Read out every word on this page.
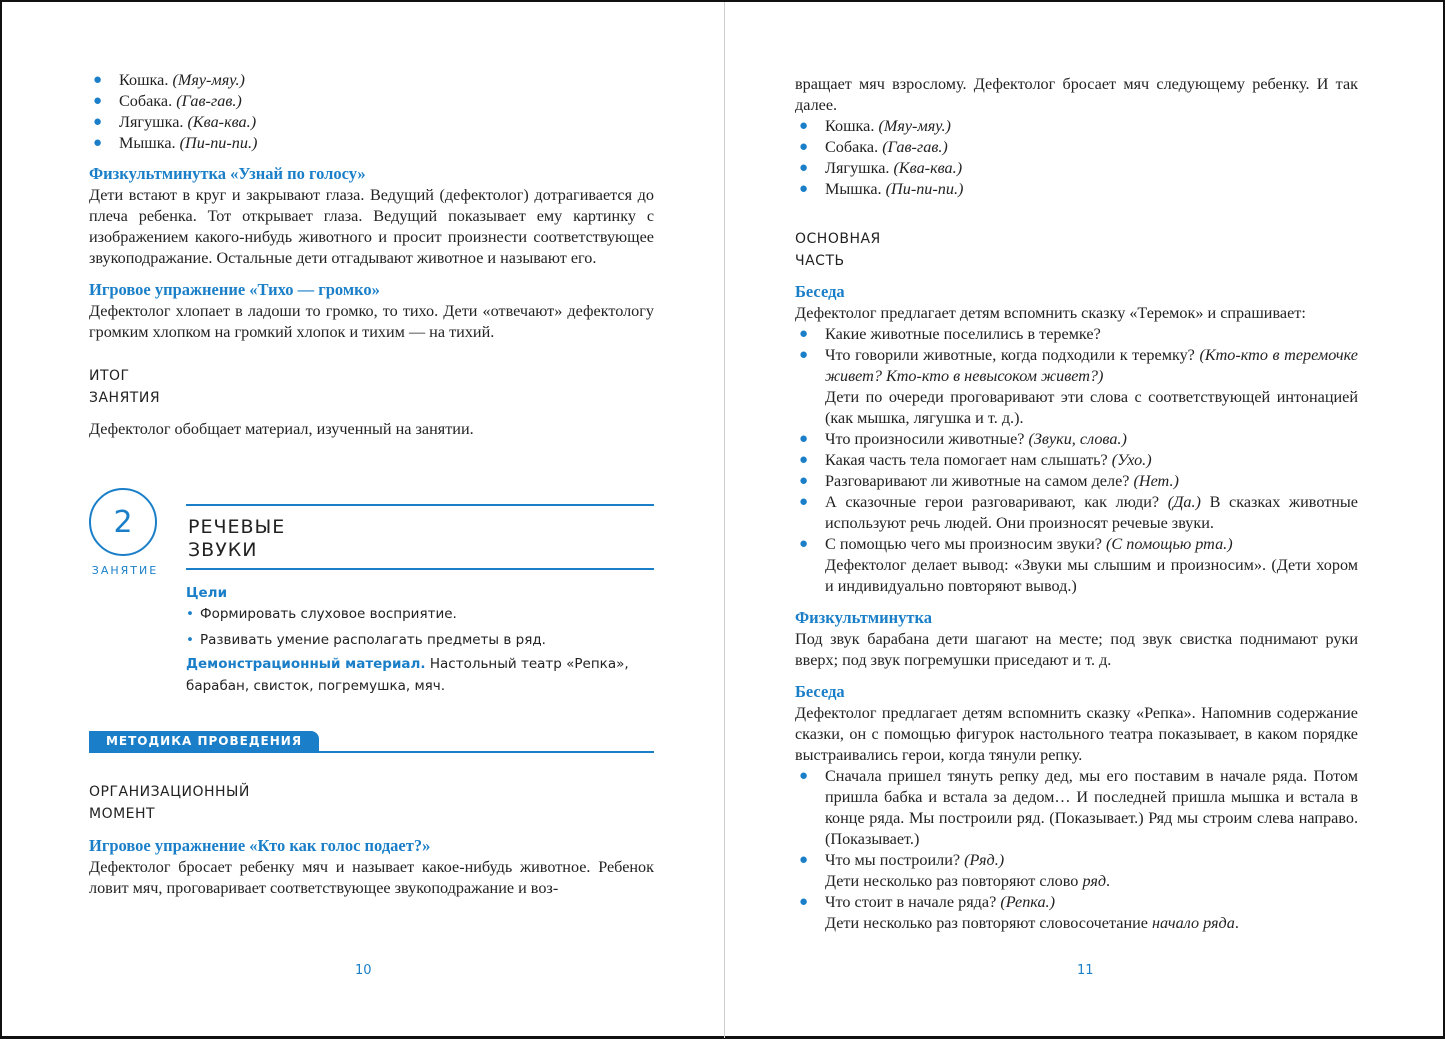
● Кошка. (Мяу-мяу.)
● Собака. (Гав-гав.)
● Лягушка. (Ква-ква.)
● Мышка. (Пи-пи-пи.)
Физкультминутка «Узнай по голосу»

Дети встают в круг и закрывают глаза. Ведущий (дефектолог) дотрагивается до плеча ребенка. Тот открывает глаза. Ведущий показывает ему картинку с изображением какого-нибудь животного и просит произнести соответствующее звукоподражание. Остальные дети отгадывают животное и называют его.

Игровое упражнение «Тихо — громко»

Дефектолог хлопает в ладоши то громко, то тихо. Дети «отвечают» дефектологу громким хлопком на громкий хлопок и тихим — на тихий.

ИТОГ
ЗАНЯТИЯ

Дефектолог обобщает материал, изученный на занятии.

2
ЗАНЯТИЕ
РЕЧЕВЫЕ
ЗВУКИ
Цели
• Формировать слуховое восприятие.
• Развивать умение располагать предметы в ряд.
Демонстрационный материал. Настольный театр «Репка», барабан, свисток, погремушка, мяч.
МЕТОДИКА ПРОВЕДЕНИЯ
ОРГАНИЗАЦИОННЫЙ
МОМЕНТ
Игровое упражнение «Кто как голос подает?»

Дефектолог бросает ребенку мяч и называет какое-нибудь животное. Ребенок ловит мяч, проговаривает соответствующее звукоподражание и воз-

10

вращает мяч взрослому. Дефектолог бросает мяч следующему ребенку. И так далее.

● Кошка. (Мяу-мяу.)
● Собака. (Гав-гав.)
● Лягушка. (Ква-ква.)
● Мышка. (Пи-пи-пи.)
ОСНОВНАЯ
ЧАСТЬ
Беседа

Дефектолог предлагает детям вспомнить сказку «Теремок» и спрашивает:

● Какие животные поселились в теремке?
● Что говорили животные, когда подходили к теремку? (Кто-кто в теремочке живет? Кто-кто в невысоком живет?)

Дети по очереди проговаривают эти слова с соответствующей интонацией (как мышка, лягушка и т. д.).

● Что произносили животные? (Звуки, слова.)
● Какая часть тела помогает нам слышать? (Ухо.)
● Разговаривают ли животные на самом деле? (Нет.)
● А сказочные герои разговаривают, как люди? (Да.) В сказках животные используют речь людей. Они произносят речевые звуки.
● С помощью чего мы произносим звуки? (С помощью рта.)

Дефектолог делает вывод: «Звуки мы слышим и произносим». (Дети хором и индивидуально повторяют вывод.)

Физкультминутка

Под звук барабана дети шагают на месте; под звук свистка поднимают руки вверх; под звук погремушки приседают и т. д.

Беседа

Дефектолог предлагает детям вспомнить сказку «Репка». Напомнив содержание сказки, он с помощью фигурок настольного театра показывает, в каком порядке выстраивались герои, когда тянули репку.

● Сначала пришел тянуть репку дед, мы его поставим в начале ряда. Потом пришла бабка и встала за дедом… И последней пришла мышка и встала в конце ряда. Мы построили ряд. (Показывает.) Ряд мы строим слева направо. (Показывает.)
● Что мы построили? (Ряд.)
Дети несколько раз повторяют слово ряд.
● Что стоит в начале ряда? (Репка.)
Дети несколько раз повторяют словосочетание начало ряда.
11
